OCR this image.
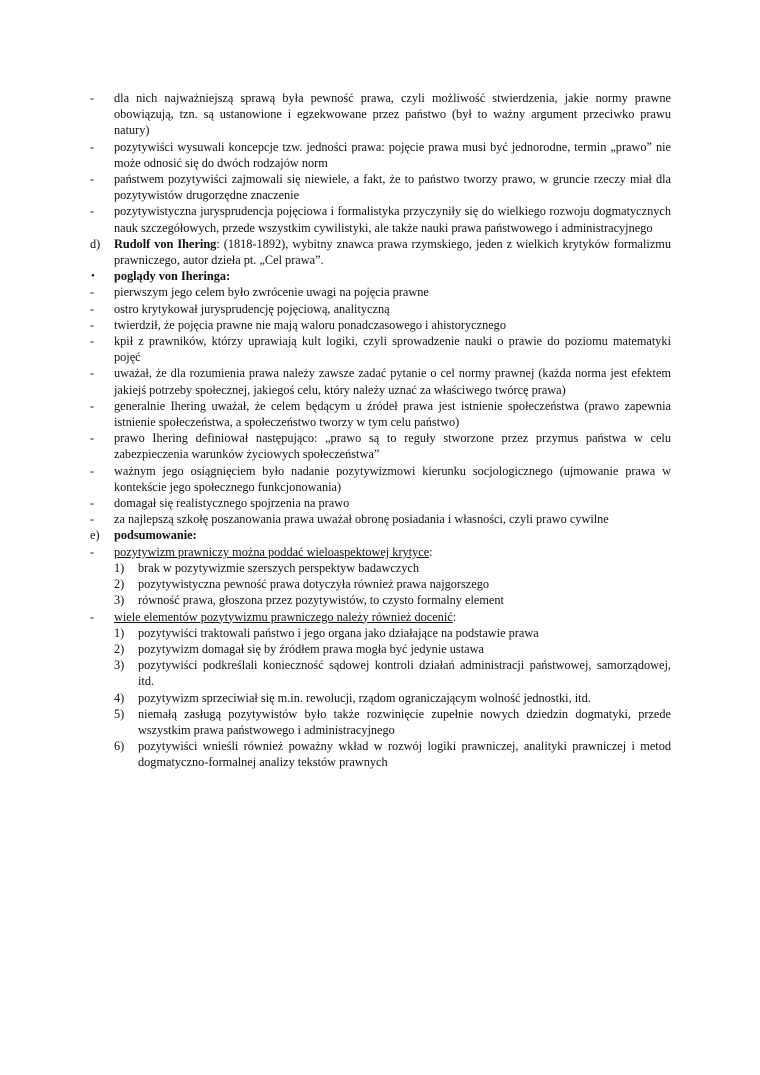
- dla nich najważniejszą sprawą była pewność prawa, czyli możliwość stwierdzenia, jakie normy prawne obowiązują, tzn. są ustanowione i egzekwowane przez państwo (był to ważny argument przeciwko prawu natury)
- pozytywiści wysuwali koncepcje tzw. jedności prawa: pojęcie prawa musi być jednorodne, termin „prawo” nie może odnosić się do dwóch rodzajów norm
- państwem pozytywiści zajmowali się niewiele, a fakt, że to państwo tworzy prawo, w gruncie rzeczy miał dla pozytywistów drugorzędne znaczenie
- pozytywistyczna jurysprudencja pojęciowa i formalistyka przyczyniły się do wielkiego rozwoju dogmatycznych nauk szczegółowych, przede wszystkim cywilistyki, ale także nauki prawa państwowego i administracyjnego
d) Rudolf von Ihering: (1818-1892), wybitny znawca prawa rzymskiego, jeden z wielkich krytyków formalizmu prawniczego, autor dzieła pt. „Cel prawa”.
• poglądy von Iheringa:
- pierwszym jego celem było zwrócenie uwagi na pojęcia prawne
- ostro krytykował jurysprudencję pojęciową, analityczną
- twierdził, że pojęcia prawne nie mają waloru ponadczasowego i ahistorycznego
- kpił z prawników, którzy uprawiają kult logiki, czyli sprowadzenie nauki o prawie do poziomu matematyki pojęć
- uważał, że dla rozumienia prawa należy zawsze zadać pytanie o cel normy prawnej (każda norma jest efektem jakiejś potrzeby społecznej, jakiegoś celu, który należy uznać za właściwego twórcę prawa)
- generalnie Ihering uważał, że celem będącym u źródeł prawa jest istnienie społeczeństwa (prawo zapewnia istnienie społeczeństwa, a społeczeństwo tworzy w tym celu państwo)
- prawo Ihering definiował następująco: „prawo są to reguły stworzone przez przymus państwa w celu zabezpieczenia warunków życiowych społeczeństwa”
- ważnym jego osiągnięciem było nadanie pozytywizmowi kierunku socjologicznego (ujmowanie prawa w kontekście jego społecznego funkcjonowania)
- domagał się realistycznego spojrzenia na prawo
- za najlepszą szkołę poszanowania prawa uważał obronę posiadania i własności, czyli prawo cywilne
e) podsumowanie:
- pozytywizm prawniczy można poddać wieloaspektowej krytyce:
1) brak w pozytywizmie szerszych perspektyw badawczych
2) pozytywistyczna pewność prawa dotyczyła również prawa najgorszego
3) równość prawa, głoszona przez pozytywistów, to czysto formalny element
- wiele elementów pozytywizmu prawniczego należy również docenić:
1) pozytywiści traktowali państwo i jego organa jako działające na podstawie prawa
2) pozytywizm domagał się by źródłem prawa mogła być jedynie ustawa
3) pozytywiści podkreślali konieczność sądowej kontroli działań administracji państwowej, samorządowej, itd.
4) pozytywizm sprzeciwiał się m.in. rewolucji, rządom ograniczającym wolność jednostki, itd.
5) niemałą zasługą pozytywistów było także rozwinięcie zupełnie nowych dziedzin dogmatyki, przede wszystkim prawa państwowego i administracyjnego
6) pozytywiści wnieśli również poważny wkład w rozwój logiki prawniczej, analityki prawniczej i metod dogmatyczno-formalnej analizy tekstów prawnych
